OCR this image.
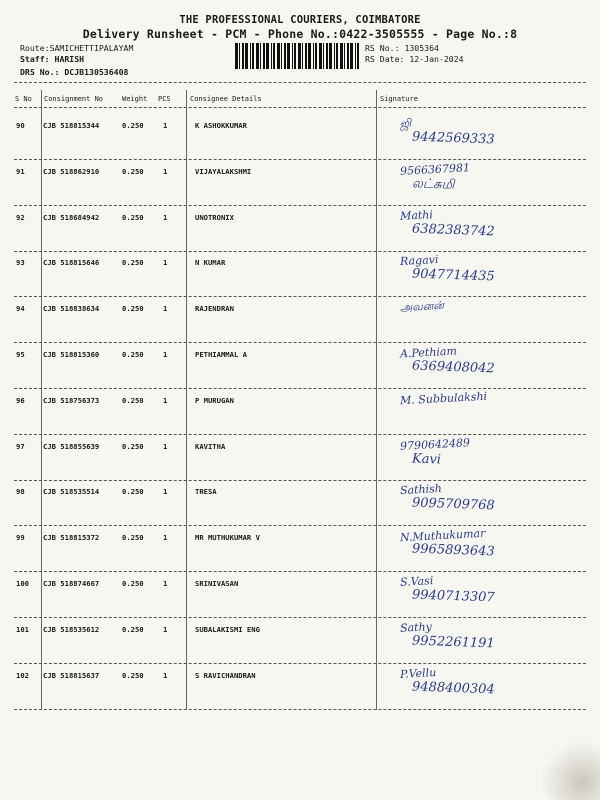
THE PROFESSIONAL COURIERS, COIMBATORE
Delivery Runsheet - PCM - Phone No.:0422-3505555 - Page No.:8
Route:SAMICHETTIPALAYAM
Staff: HARISH
DRS No.: DCJB130536408
RS No.: 1305364
RS Date: 12-Jan-2024
S No Consignment No	Weight PCS	Consignee Details	Signature
90	CJB 518815344	0.250	1	K ASHOKKUMAR	ஜி
9442569333
91	CJB 518862910	0.250	1	VIJAYALAKSHMI	9566367981
லட்சுமி
92	CJB 518684942	0.250	1	UNOTRONIX	Mathi
6382383742
93	CJB 518815646	0.250	1	N KUMAR	Ragavi
9047714435
94	CJB 518838634	0.250	1	RAJENDRAN	அவனன்
95	CJB 518815360	0.250	1	PETHIAMMAL A	A.Pethiam
6369408042
96	CJB 518756373	0.250	1	P MURUGAN	M. Subbulakshi
97	CJB 518855639	0.250	1	KAVITHA	9790642489
Kavi
98	CJB 518535514	0.250	1	TRESA	Sathish
9095709768
99	CJB 518815372	0.250	1	MR MUTHUKUMAR V	N.Muthukumar
9965893643
100 CJB 518874667	0.250	1	SRINIVASAN	S.Vasi
9940713307
101 CJB 518535612	0.250	1	SUBALAKISMI ENG	Sathy
9952261191
102 CJB 518815637	0.250	1	S RAVICHANDRAN	P.Vellu
9488400304
